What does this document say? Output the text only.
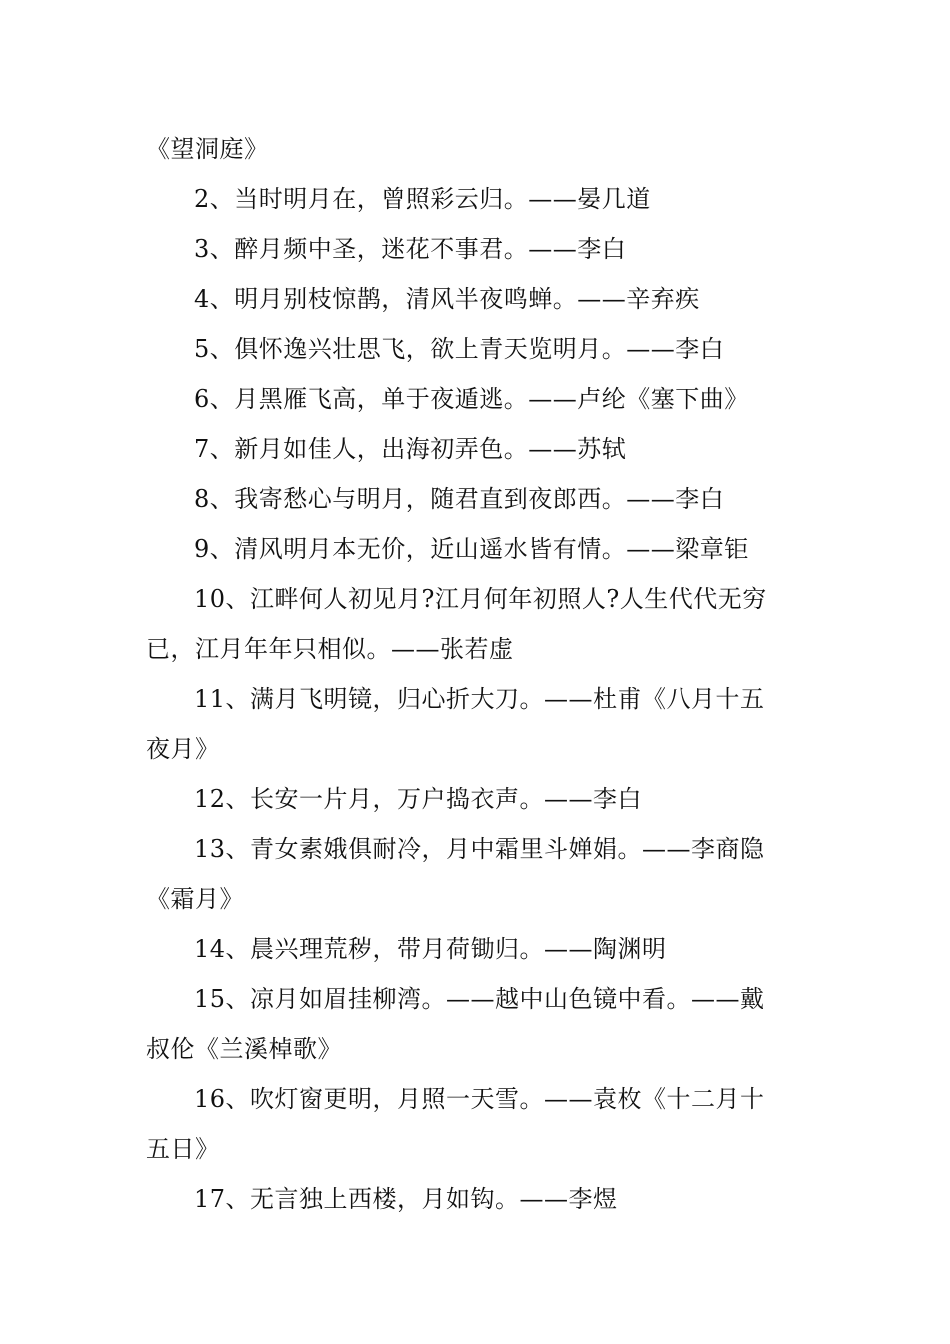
《望洞庭》
2、当时明月在，曾照彩云归。——晏几道
3、醉月频中圣，迷花不事君。——李白
4、明月别枝惊鹊，清风半夜鸣蝉。——辛弃疾
5、俱怀逸兴壮思飞，欲上青天览明月。——李白
6、月黑雁飞高，单于夜遁逃。——卢纶《塞下曲》
7、新月如佳人，出海初弄色。——苏轼
8、我寄愁心与明月，随君直到夜郎西。——李白
9、清风明月本无价，近山遥水皆有情。——梁章钜
10、江畔何人初见月?江月何年初照人?人生代代无穷
已，江月年年只相似。——张若虚
11、满月飞明镜，归心折大刀。——杜甫《八月十五
夜月》
12、长安一片月，万户捣衣声。——李白
13、青女素娥俱耐冷，月中霜里斗婵娟。——李商隐
《霜月》
14、晨兴理荒秽，带月荷锄归。——陶渊明
15、凉月如眉挂柳湾。——越中山色镜中看。——戴
叔伦《兰溪棹歌》
16、吹灯窗更明，月照一天雪。——袁枚《十二月十
五日》
17、无言独上西楼，月如钩。——李煜
